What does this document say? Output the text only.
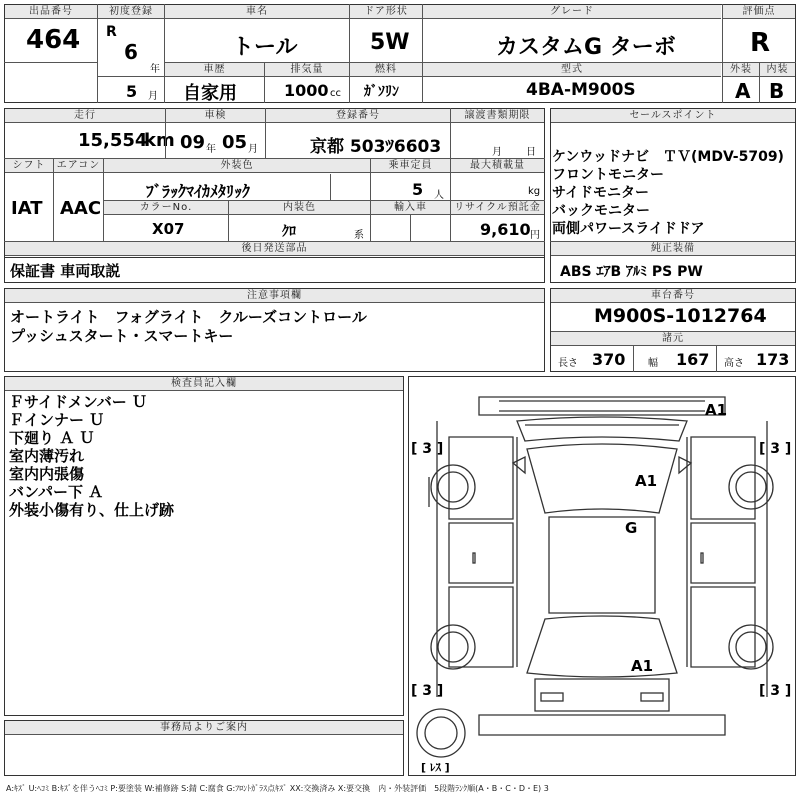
出品番号
464
初度登録
R
6
年
5 月
車名
トール
ドア形状
5W
グレード
カスタムG ターボ
評価点
R
車歴
自家用
排気量
1000 cc
燃料
ｶﾞｿﾘﾝ
型式
4BA-M900S
外装	内装
A B
走行
15,554
km
車検
09 年 05 月
登録番号
京都 503ﾂ6603
譲渡書類期限
月 日
シフト
IAT
エアコン
AAC
外装色
ﾌﾞﾗｯｸﾏｲｶﾒﾀﾘｯｸ
乗車定員
5 人
最大積載量
kg
カラーNo.
X07
内装色
ｸﾛ	系
輸入車	リサイクル預託金
9,610 円
後日発送部品
保証書 車両取説
セールスポイント
ケンウッドナビ　ＴＶ(MDV-5709)
フロントモニター
サイドモニター
バックモニター
両側パワースライドドア
純正装備
ABS ｴｱB ｱﾙﾐ PS PW
注意事項欄
オートライト　フォグライト　クルーズコントロール
プッシュスタート・スマートキー
車台番号
M900S-1012764
諸元
長さ 370 幅 167 高さ 173
検査員記入欄
Ｆサイドメンバー Ｕ
Ｆインナー Ｕ
下廻り Ａ Ｕ
室内薄汚れ
室内内張傷
バンパー下 Ａ
外装小傷有り、仕上げ跡
事務局よりご案内
A1
A1
G
A1
[ 3 ]	[ 3 ]
[ 3 ]	[ 3 ]
[ ﾚｽ ]
A:ｷｽﾞ U:ﾍｺﾐ B:ｷｽﾞを伴うﾍｺﾐ P:要塗装 W:補修跡 S:錆 C:腐食 G:ﾌﾛﾝﾄｶﾞﾗｽ点ｷｽﾞ XX:交換済み X:要交換　内・外装評価　5段階ﾗﾝｸ順(A・B・C・D・E) 3
